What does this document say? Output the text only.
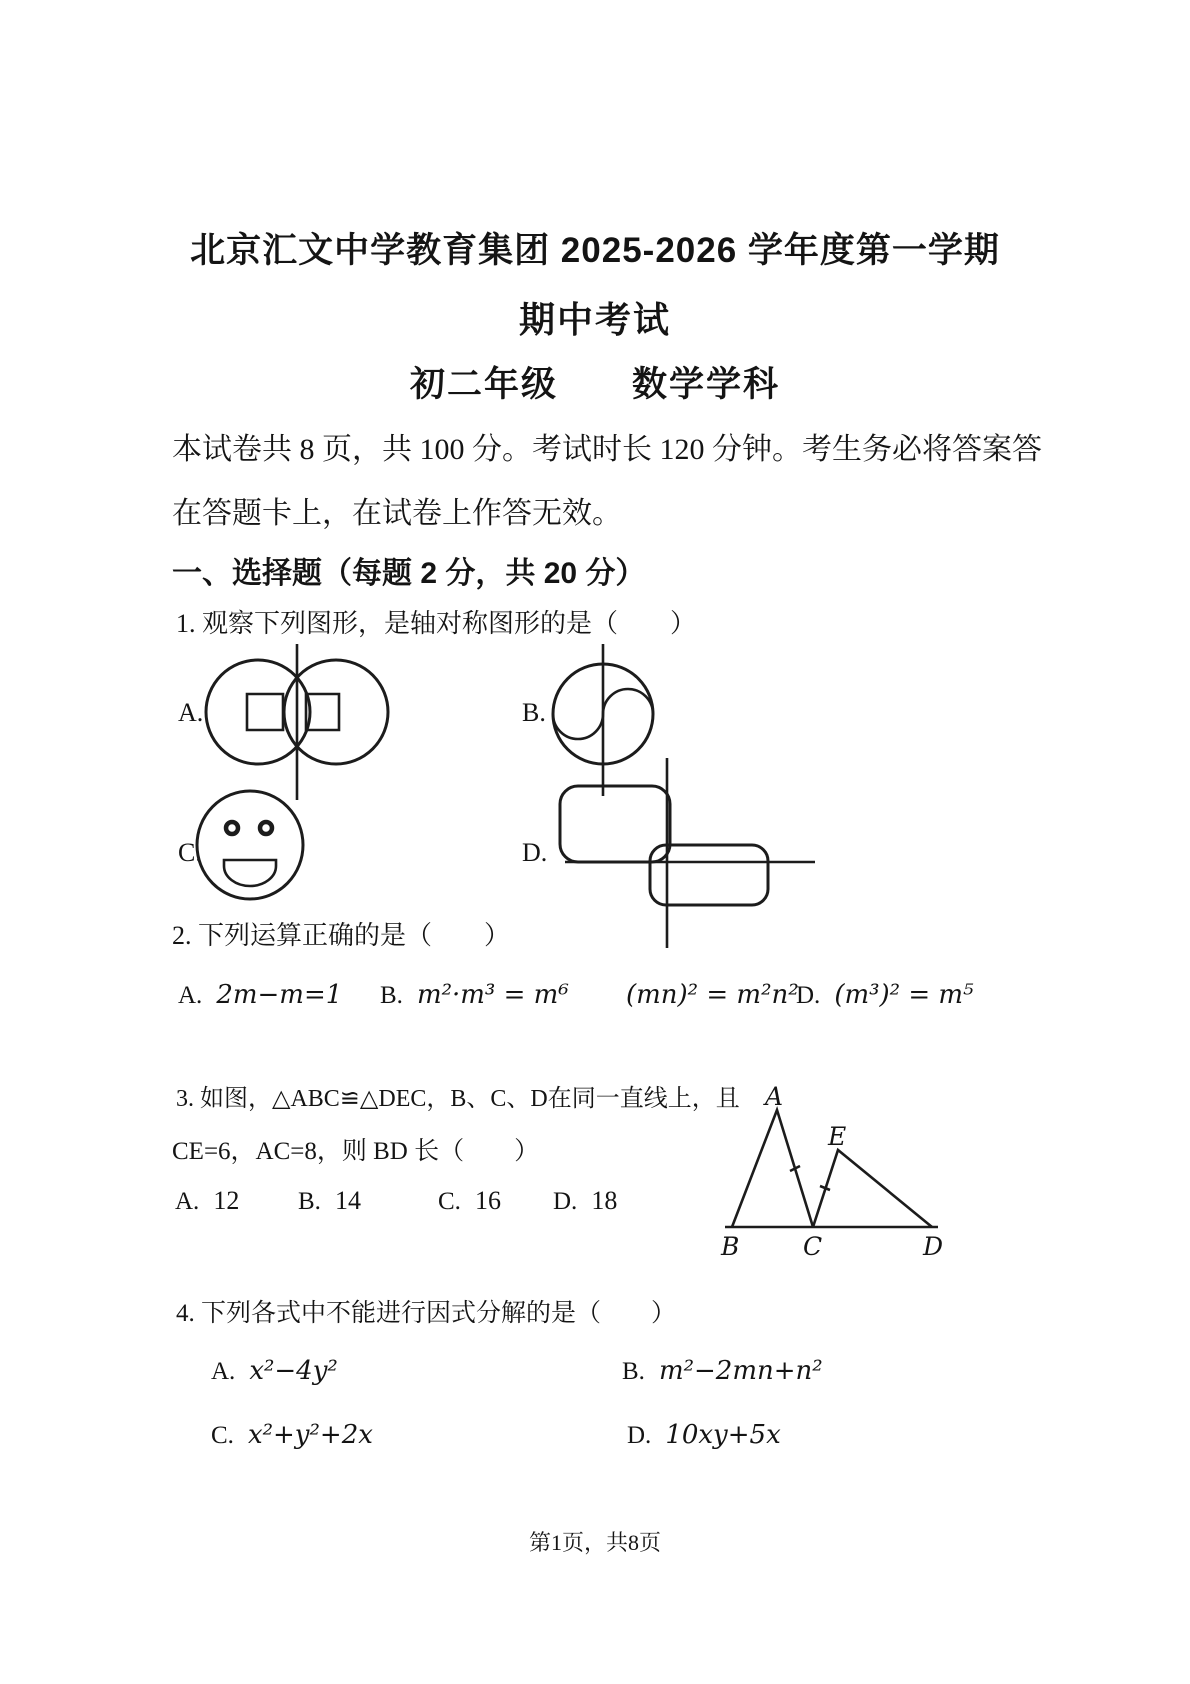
北京汇文中学教育集团 2025-2026 学年度第一学期
期中考试
初二年级　　数学学科
本试卷共 8 页，共 100 分。考试时长 120 分钟。考生务必将答案答
在答题卡上，在试卷上作答无效。
一、选择题（每题 2 分，共 20 分）
1. 观察下列图形，是轴对称图形的是（　　）
A.	B.
C.	D.
2. 下列运算正确的是（　　）
A. 2m−m=1 B. m²·m³ = m⁶	(mn)² = m²n²
D. (m³)² = m⁵
3. 如图，△ABC≌△DEC，B、C、D在同一直线上，且
CE=6，AC=8，则 BD 长（　　）
A. 12 B. 14	C. 16 D. 18
A
E
B	C	D
4. 下列各式中不能进行因式分解的是（　　）
A. x²−4y²	B. m²−2mn+n²
C. x²+y²+2x	D. 10xy+5x
第1页，共8页
